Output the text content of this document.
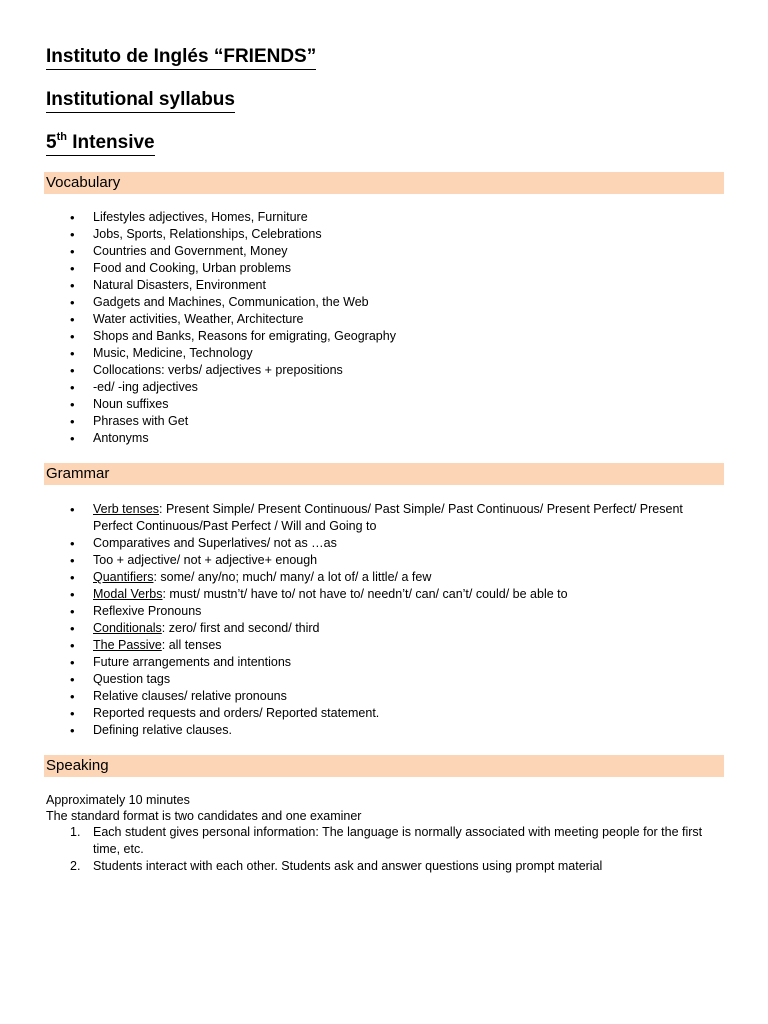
Instituto de Inglés “FRIENDS”
Institutional syllabus
5th Intensive
Vocabulary
• Lifestyles adjectives, Homes, Furniture
• Jobs, Sports, Relationships, Celebrations
• Countries and Government, Money
• Food and Cooking, Urban problems
• Natural Disasters, Environment
• Gadgets and Machines, Communication, the Web
• Water activities, Weather, Architecture
• Shops and Banks, Reasons for emigrating, Geography
• Music, Medicine, Technology
• Collocations: verbs/ adjectives + prepositions
• -ed/ -ing adjectives
• Noun suffixes
• Phrases with Get
• Antonyms
Grammar
• Verb tenses: Present Simple/ Present Continuous/ Past Simple/ Past Continuous/ Present Perfect/ Present Perfect Continuous/Past Perfect / Will and Going to
• Comparatives and Superlatives/ not as …as
• Too + adjective/ not + adjective+ enough
• Quantifiers: some/ any/no; much/ many/ a lot of/ a little/ a few
• Modal Verbs: must/ mustn’t/ have to/ not have to/ needn’t/ can/ can’t/ could/ be able to
• Reflexive Pronouns
• Conditionals: zero/ first and second/ third
• The Passive: all tenses
• Future arrangements and intentions
• Question tags
• Relative clauses/ relative pronouns
• Reported requests and orders/ Reported statement.
• Defining relative clauses.
Speaking
Approximately 10 minutes
The standard format is two candidates and one examiner
1. Each student gives personal information: The language is normally associated with meeting people for the first time, etc.
2. Students interact with each other. Students ask and answer questions using prompt material
